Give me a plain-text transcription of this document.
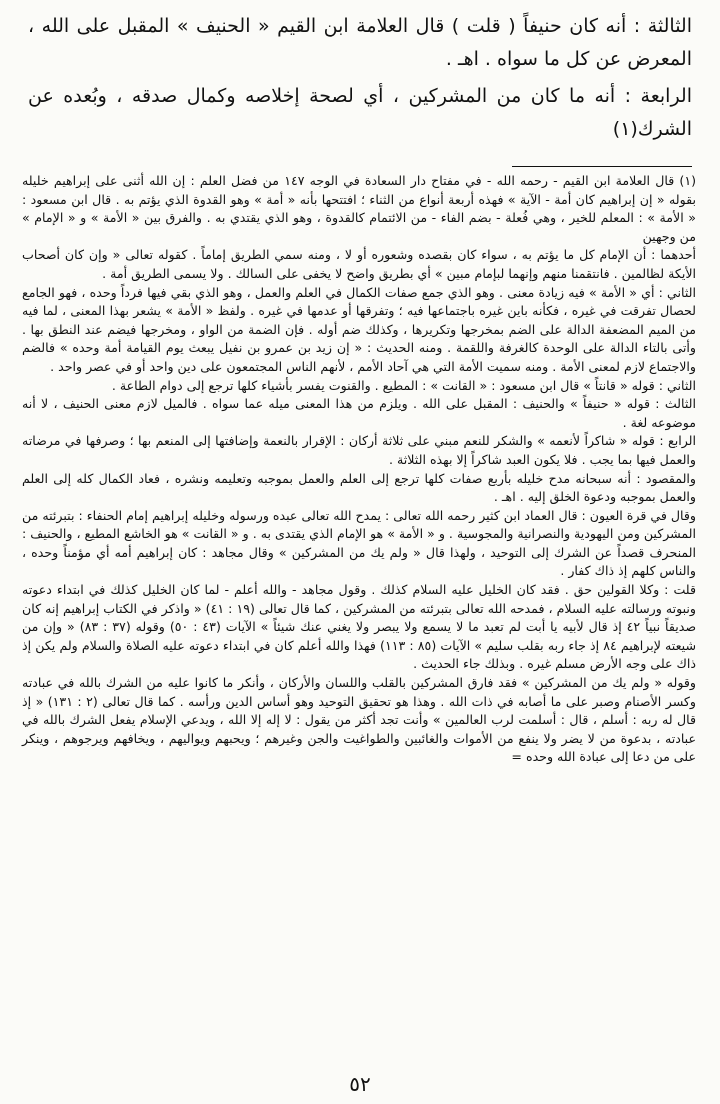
الثالثة : أنه كان حنيفاً ( قلت ) قال العلامة ابن القيم « الحنيف » المقبل على الله ، المعرض عن كل ما سواه . اهـ .

الرابعة : أنه ما كان من المشركين ، أي لصحة إخلاصه وكمال صدقه ، وبُعده عن الشرك(١)

(١) قال العلامة ابن القيم - رحمه الله - في مفتاح دار السعادة في الوجه ١٤٧ من فضل العلم : إن الله أثنى على إبراهيم خليله بقوله « إن إبراهيم كان أمة - الآية » فهذه أربعة أنواع من الثناء ؛ افتتحها بأنه « أمة » وهو القدوة الذي يؤتم به . قال ابن مسعود : « الأمة » : المعلم للخير ، وهي فُعلة - بضم الفاء - من الائتمام كالقدوة ، وهو الذي يقتدي به . والفرق بين « الأمة » و « الإمام » من وجهين

أحدهما : أن الإمام كل ما يؤتم به ، سواء كان بقصده وشعوره أو لا ، ومنه سمي الطريق إماماً . كقوله تعالى « وإن كان أصحاب الأيكة لظالمين . فانتقمنا منهم وإنهما لبإمام مبين » أي بطريق واضح لا يخفى على السالك . ولا يسمى الطريق أمة .

الثاني : أي « الأمة » فيه زيادة معنى . وهو الذي جمع صفات الكمال في العلم والعمل ، وهو الذي بقي فيها فرداً وحده ، فهو الجامع لحصال تفرقت في غيره ، فكأنه باين غيره باجتماعها فيه ؛ وتفرقها أو عدمها في غيره . ولفظ « الأمة » يشعر بهذا المعنى ، لما فيه من الميم المضعفة الدالة على الضم بمخرجها وتكريرها ، وكذلك ضم أوله . فإن الضمة من الواو ، ومخرجها فيضم عند النطق بها . وأتى بالتاء الدالة على الوحدة كالغرفة واللقمة . ومنه الحديث : « إن زيد بن عمرو بن نفيل يبعث يوم القيامة أمة وحده » فالضم والاجتماع لازم لمعنى الأمة . ومنه سميت الأمة التي هي آحاد الأمم ، لأنهم الناس المجتمعون على دين واحد أو في عصر واحد .

الثاني : قوله « قانتاً » قال ابن مسعود : « القانت » : المطيع . والقنوت يفسر بأشياء كلها ترجع إلى دوام الطاعة .

الثالث : قوله « حنيفاً » والحنيف : المقبل على الله . ويلزم من هذا المعنى ميله عما سواه . فالميل لازم معنى الحنيف ، لا أنه موضوعه لغة .

الرابع : قوله « شاكراً لأنعمه » والشكر للنعم مبني على ثلاثة أركان : الإقرار بالنعمة وإضافتها إلى المنعم بها ؛ وصرفها في مرضاته والعمل فيها بما يجب . فلا يكون العبد شاكراً إلا بهذه الثلاثة .

والمقصود : أنه سبحانه مدح خليله بأربع صفات كلها ترجع إلى العلم والعمل بموجبه وتعليمه ونشره ، فعاد الكمال كله إلى العلم والعمل بموجبه ودعوة الخلق إليه . اهـ .

وقال في قرة العيون : قال العماد ابن كثير رحمه الله تعالى : يمدح الله تعالى عبده ورسوله وخليله إبراهيم إمام الحنفاء : بتبرئته من المشركين ومن اليهودية والنصرانية والمجوسية . و « الأمة » هو الإمام الذي يقتدى به . و « القانت » هو الخاشع المطيع ، والحنيف : المنحرف قصداً عن الشرك إلى التوحيد ، ولهذا قال « ولم يك من المشركين » وقال مجاهد : كان إبراهيم أمه أي مؤمناً وحده ، والناس كلهم إذ ذاك كفار .

قلت : وكلا القولين حق . فقد كان الخليل عليه السلام كذلك . وقول مجاهد - والله أعلم - لما كان الخليل كذلك في ابتداء دعوته ونبوته ورسالته عليه السلام ، فمدحه الله تعالى بتبرئته من المشركين ، كما قال تعالى (١٩ : ٤١) « واذكر في الكتاب إبراهيم إنه كان صديقاً نبياً ٤٢ إذ قال لأبيه يا أبت لم تعبد ما لا يسمع ولا يبصر ولا يغني عنك شيئاً » الآيات (٤٣ : ٥٠) وقوله (٣٧ : ٨٣) « وإن من شيعته لإبراهيم ٨٤ إذ جاء ربه بقلب سليم » الآيات (٨٥ : ١١٣) فهذا والله أعلم كان في ابتداء دعوته عليه الصلاة والسلام ولم يكن إذ ذاك على وجه الأرض مسلم غيره . وبذلك جاء الحديث .

وقوله « ولم يك من المشركين » فقد فارق المشركين بالقلب واللسان والأركان ، وأنكر ما كانوا عليه من الشرك بالله في عبادته وكسر الأصنام وصبر على ما أصابه في ذات الله . وهذا هو تحقيق التوحيد وهو أساس الدين ورأسه . كما قال تعالى (٢ : ١٣١) « إذ قال له ربه : أسلم ، قال : أسلمت لرب العالمين » وأنت تجد أكثر من يقول : لا إله إلا الله ، ويدعي الإسلام يفعل الشرك بالله في عبادته ، بدعوة من لا يضر ولا ينفع من الأموات والغائبين والطواغيت والجن وغيرهم ؛ ويحبهم ويواليهم ، ويخافهم ويرجوهم ، وينكر على من دعا إلى عبادة الله وحده =

٥٢
